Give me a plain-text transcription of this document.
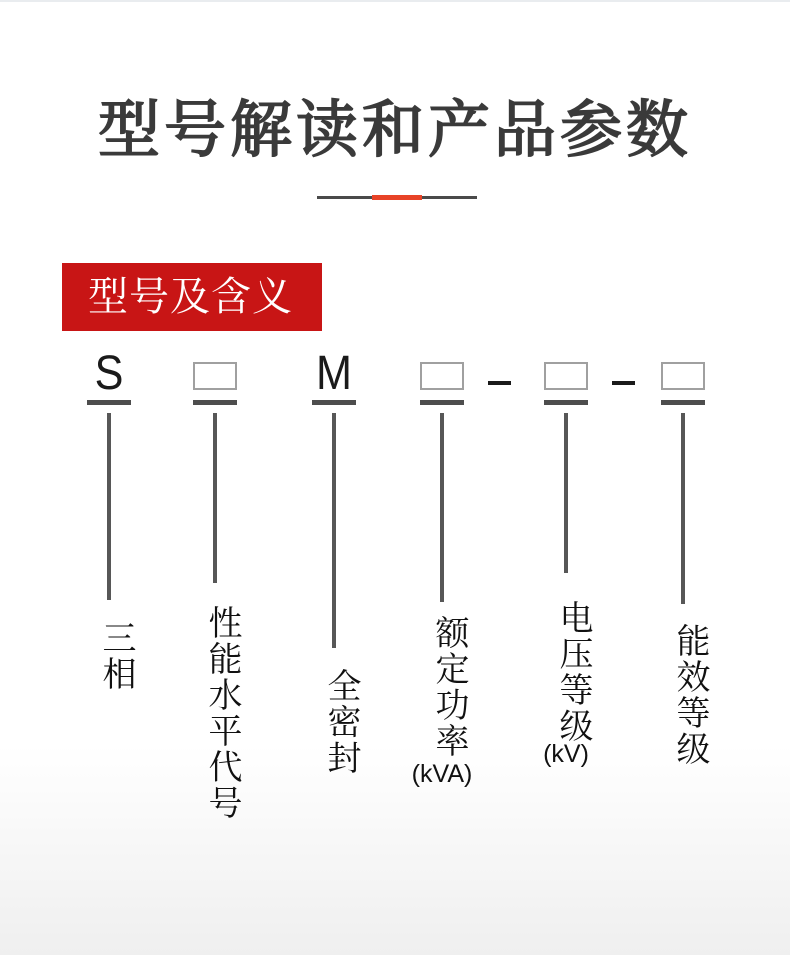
型号解读和产品参数
型号及含义
S
三相 性能水平代号
M
全密封 额定功率
(kVA)
电压等级
(kV)	能效等级
